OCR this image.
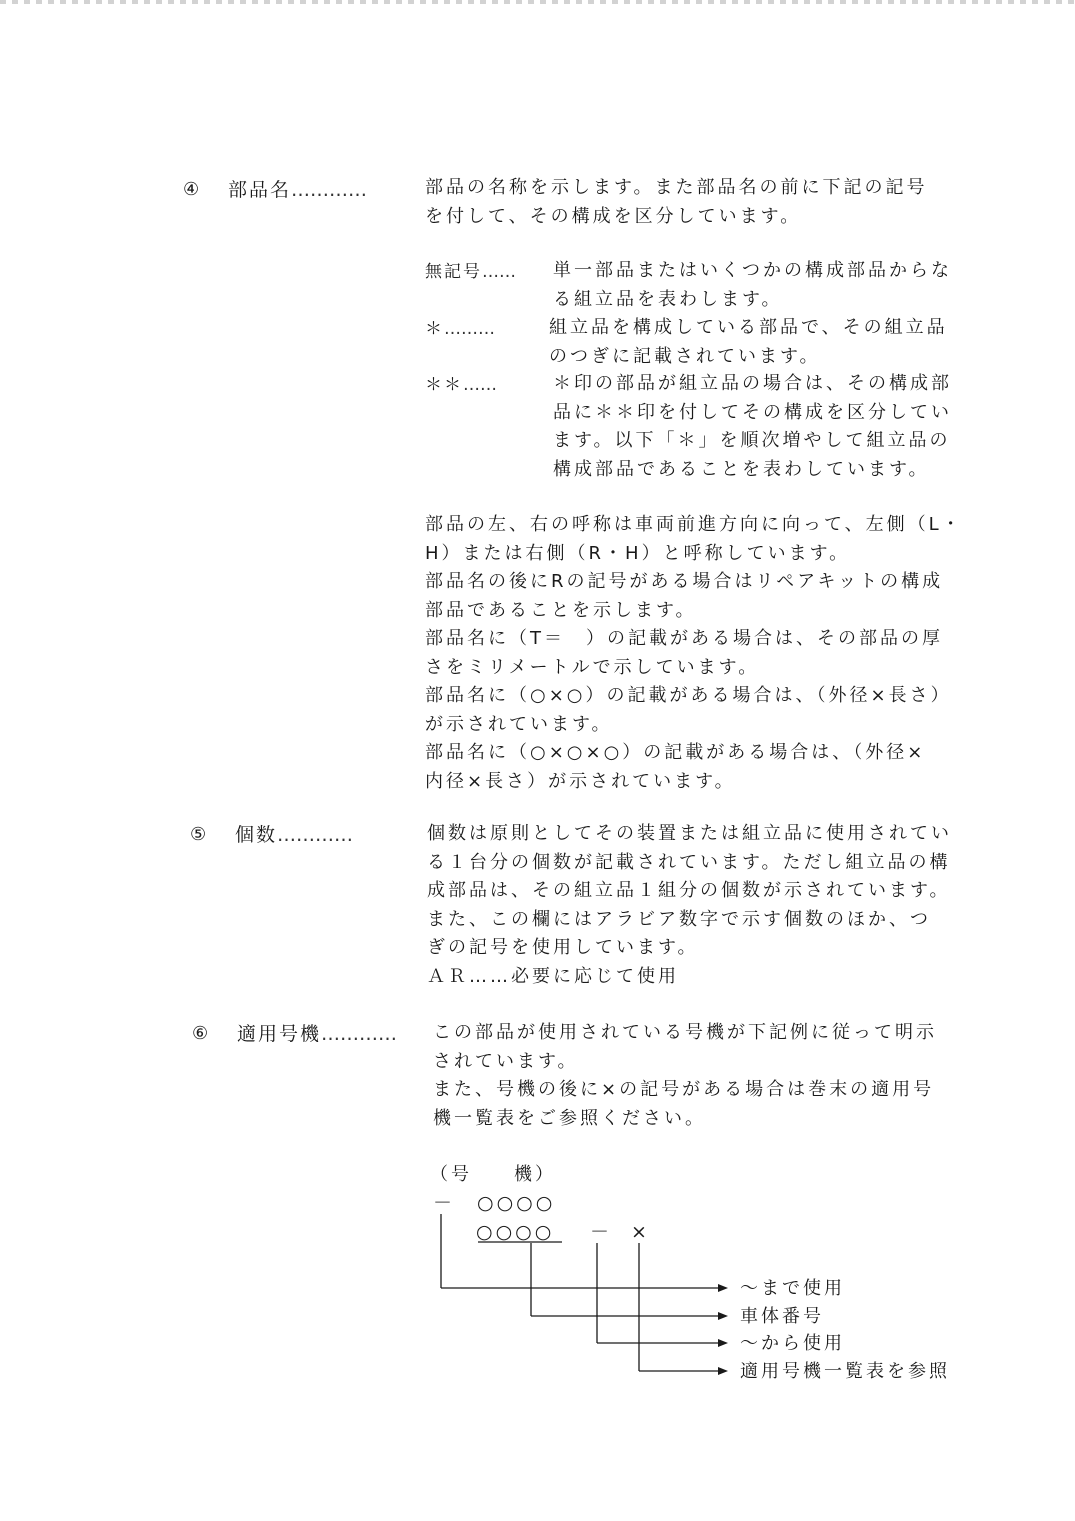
④ 部品名…………	部品の名称を示します。また部品名の前に下記の記号
を付して、その構成を区分しています。
無記号…… 単一部品またはいくつかの構成部品からな
る組立品を表わします。
＊………	組立品を構成している部品で、その組立品
のつぎに記載されています。
＊＊……	＊印の部品が組立品の場合は、その構成部
品に＊＊印を付してその構成を区分してい
ます。以下「＊」を順次増やして組立品の
構成部品であることを表わしています。
部品の左、右の呼称は車両前進方向に向って、左側（L・
H）または右側（R・H）と呼称しています。
部品名の後にRの記号がある場合はリペアキットの構成
部品であることを示します。
部品名に（T＝　）の記載がある場合は、その部品の厚
さをミリメートルで示しています。
部品名に（○×○）の記載がある場合は、（外径×長さ）
が示されています。
部品名に（○×○×○）の記載がある場合は、（外径×
内径×長さ）が示されています。
⑤ 個数…………	個数は原則としてその装置または組立品に使用されてい
る１台分の個数が記載されています。ただし組立品の構
成部品は、その組立品１組分の個数が示されています。
また、この欄にはアラビア数字で示す個数のほか、つ
ぎの記号を使用しています。
ＡＲ……必要に応じて使用
⑥ 適用号機………… この部品が使用されている号機が下記例に従って明示
されています。
また、号機の後に×の記号がある場合は巻末の適用号
機一覧表をご参照ください。
（号　　機）
－　○○○○
○○○○ － ×
～まで使用
車体番号
～から使用
適用号機一覧表を参照
